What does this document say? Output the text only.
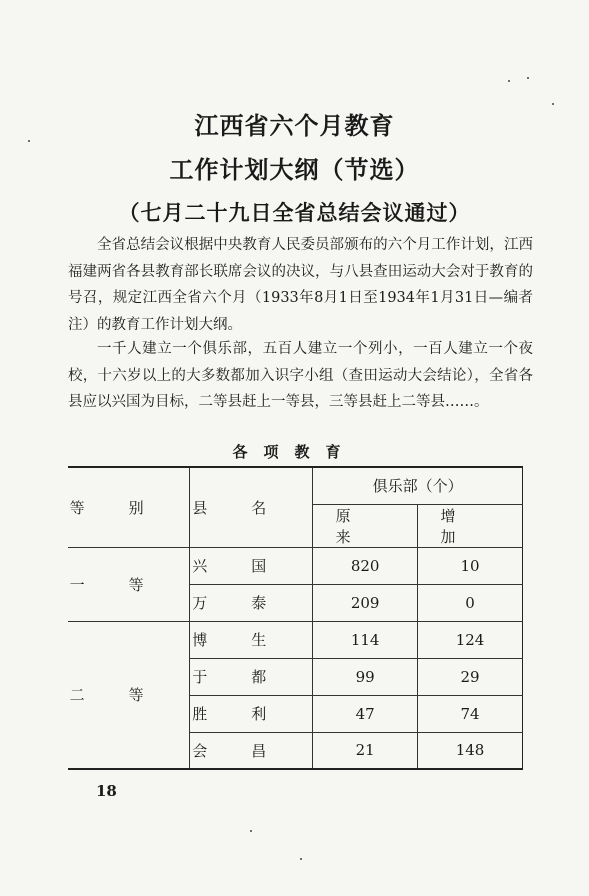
江西省六个月教育
工作计划大纲（节选）
（七月二十九日全省总结会议通过）

全省总结会议根据中央教育人民委员部颁布的六个月工作计划，江西福建两省各县教育部长联席会议的决议，与八县查田运动大会对于教育的号召，规定江西全省六个月（1933年8月1日至1934年1月31日—编者注）的教育工作计划大纲。

一千人建立一个俱乐部，五百人建立一个列小，一百人建立一个夜校，十六岁以上的大多数都加入识字小组（查田运动大会结论），全省各县应以兴国为目标，二等县赶上一等县，三等县赶上二等县……。

各项教育
等别	县名	俱乐部（个）	
		原来	增加
一等	兴国	820	10
	万泰	209	0
二等	博生	114	124
	于都	99	29
	胜利	47	74
	会昌	21	148
18
